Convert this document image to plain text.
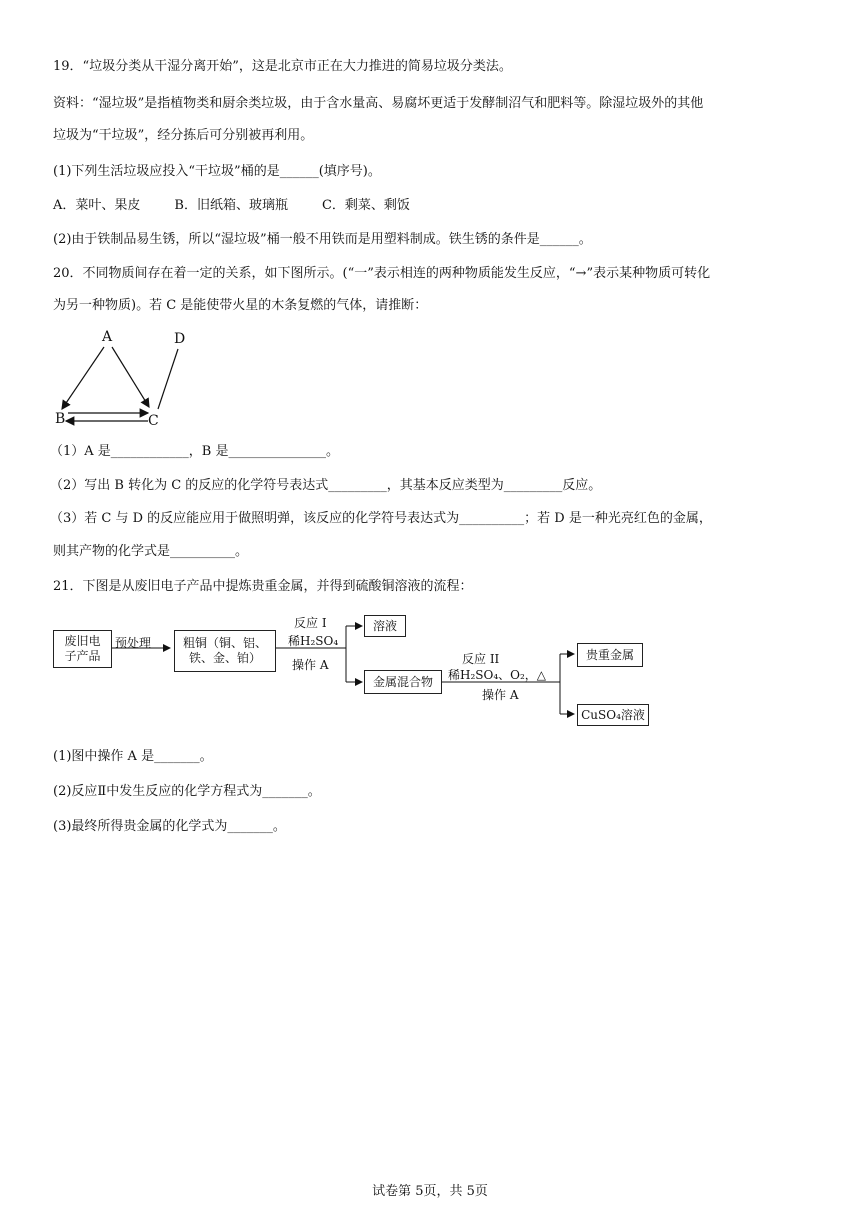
19．“垃圾分类从干湿分离开始”，这是北京市正在大力推进的简易垃圾分类法。
资料：“湿垃圾”是指植物类和厨余类垃圾，由于含水量高、易腐坏更适于发酵制沼气和肥料等。除湿垃圾外的其他
垃圾为“干垃圾”，经分拣后可分别被再利用。
(1)下列生活垃圾应投入“干垃圾”桶的是______(填序号)。
A．菜叶、果皮	B．旧纸箱、玻璃瓶	C．剩菜、剩饭
(2)由于铁制品易生锈，所以“湿垃圾”桶一般不用铁而是用塑料制成。铁生锈的条件是______。
20．不同物质间存在着一定的关系，如下图所示。(“一”表示相连的两种物质能发生反应，“→”表示某种物质可转化
为另一种物质)。若 C 是能使带火星的木条复燃的气体，请推断：
A	D
B	C
（1）A 是____________，B 是_______________。
（2）写出 B 转化为 C 的反应的化学符号表达式_________，其基本反应类型为_________反应。
（3）若 C 与 D 的反应能应用于做照明弹，该反应的化学符号表达式为__________；若 D 是一种光亮红色的金属，
则其产物的化学式是__________。
21．下图是从废旧电子产品中提炼贵重金属，并得到硫酸铜溶液的流程：
废旧电
子产品
预处理	粗铜（铜、铝、
铁、金、铂）
反应 I
稀H₂SO₄
操作 A
溶液
金属混合物
反应 II
稀H₂SO₄、O₂，△
操作 A
贵重金属
CuSO₄溶液
(1)图中操作 A 是_______。
(2)反应Ⅱ中发生反应的化学方程式为_______。
(3)最终所得贵金属的化学式为_______。
试卷第 5页，共 5页
